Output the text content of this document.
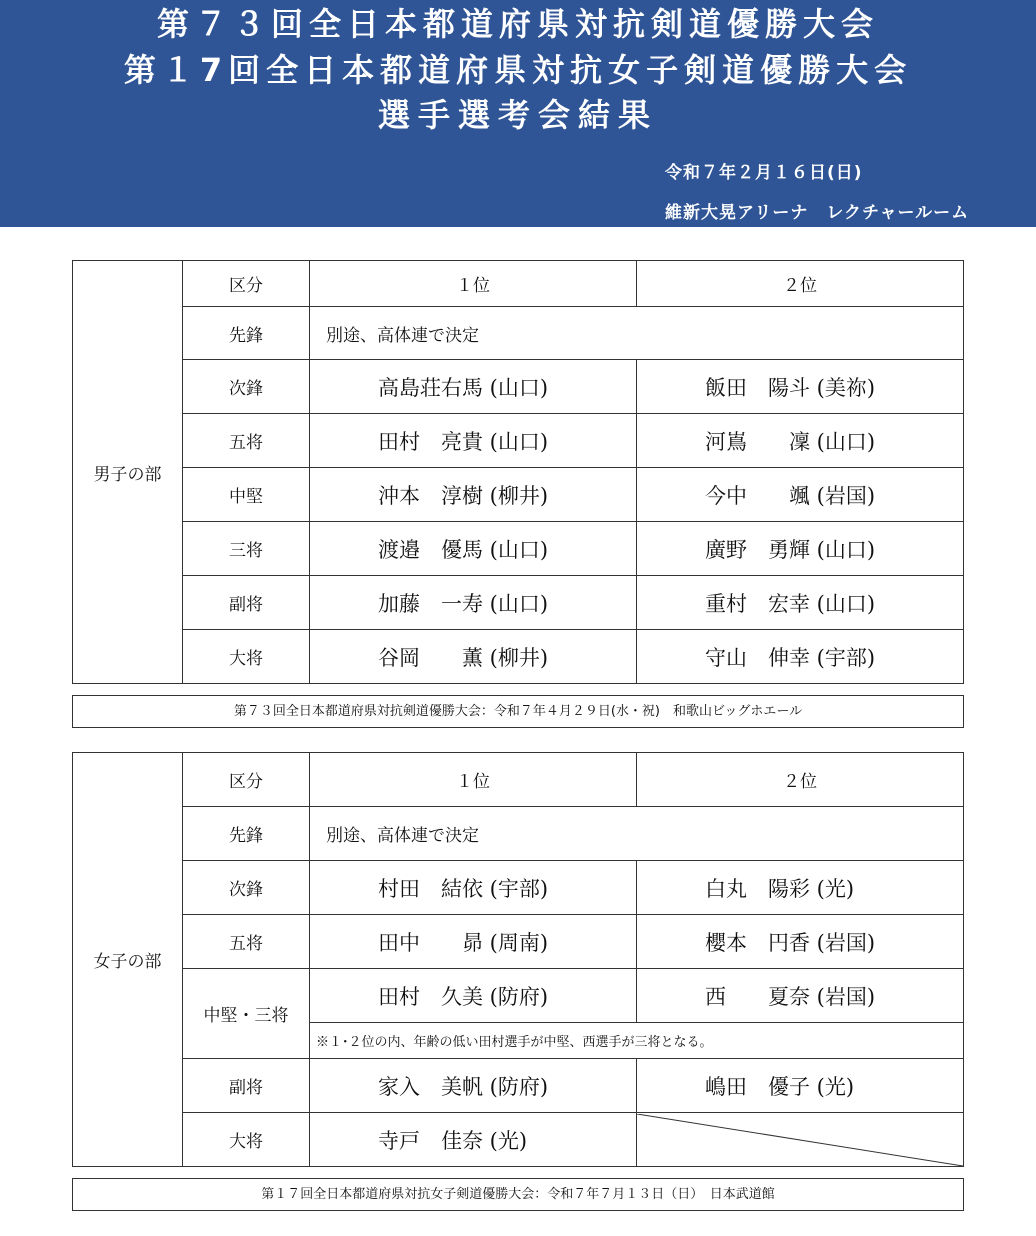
第７３回全日本都道府県対抗剣道優勝大会
第１7回全日本都道府県対抗女子剣道優勝大会
選手選考会結果
令和７年２月１６日(日)
維新大晃アリーナ　レクチャールーム
男子の部	区分	１位	２位
	先鋒	別途、高体連で決定	
	次鋒	高島荘右馬 (山口)	飯田　陽斗 (美祢)
	五将	田村　亮貴 (山口)	河嶌　　凜 (山口)
	中堅	沖本　淳樹 (柳井)	今中　　颯 (岩国)
	三将	渡邉　優馬 (山口)	廣野　勇輝 (山口)
	副将	加藤　一寿 (山口)	重村　宏幸 (山口)
	大将	谷岡　　薫 (柳井)	守山　伸幸 (宇部)
第７３回全日本都道府県対抗剣道優勝大会：令和７年４月２９日(水・祝)　和歌山ビッグホエール
女子の部	区分	１位	２位
	先鋒	別途、高体連で決定	
	次鋒	村田　結依 (宇部)	白丸　陽彩 (光)
	五将	田中　　昴 (周南)	櫻本　円香 (岩国)
	中堅・三将	田村　久美 (防府)	西　　夏奈 (岩国)
		※１･２位の内、年齢の低い田村選手が中堅、西選手が三将となる。	
	副将	家入　美帆 (防府)	嶋田　優子 (光)
	大将	寺戸　佳奈 (光)	
第１７回全日本都道府県対抗女子剣道優勝大会：令和７年７月１３日（日）　日本武道館
